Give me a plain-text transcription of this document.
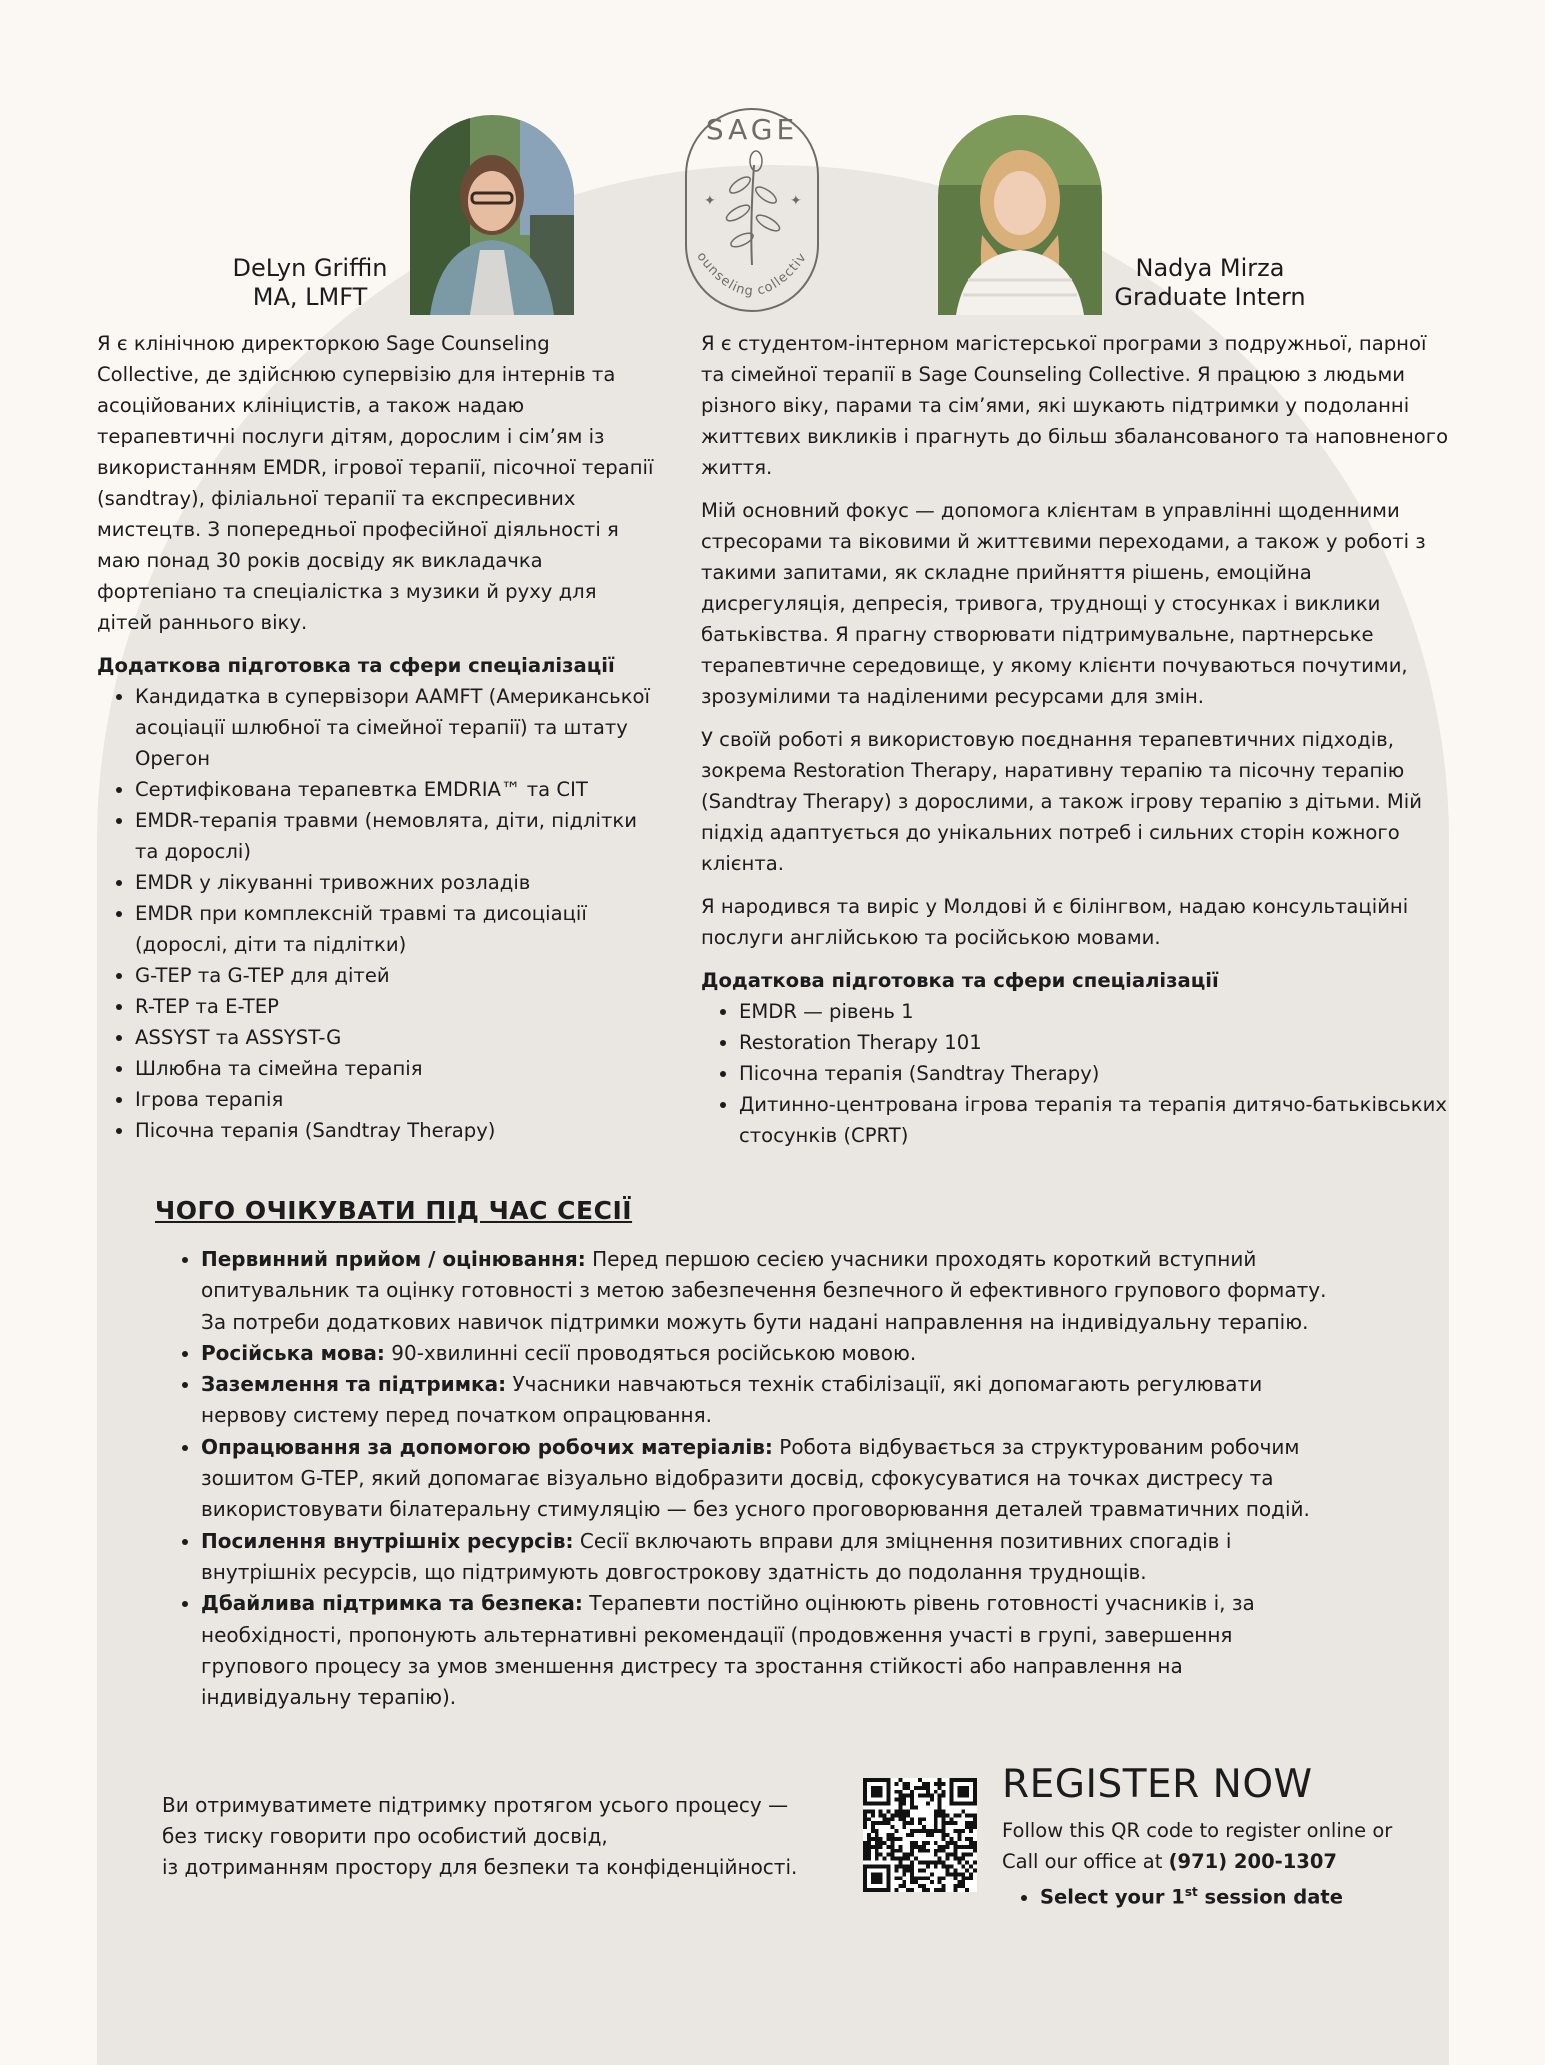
DeLyn Griffin
MA, LMFT
SAGE
✦	✦
ounseling collectiv	Nadya Mirza
Graduate Intern

Я є клінічною директоркою Sage Counseling Collective, де здійснюю супервізію для інтернів та асоційованих клініцистів, а також надаю терапевтичні послуги дітям, дорослим і сім’ям із використанням EMDR, ігрової терапії, пісочної терапії (sandtray), філіальної терапії та експресивних мистецтв. З попередньої професійної діяльності я маю понад 30 років досвіду як викладачка фортепіано та спеціалістка з музики й руху для дітей раннього віку.

Додаткова підготовка та сфери спеціалізації
• Кандидатка в супервізори AAMFT (Американської асоціації шлюбної та сімейної терапії) та штату Орегон
• Сертифікована терапевтка EMDRIA™ та CIT
• EMDR-терапія травми (немовлята, діти, підлітки та дорослі)
• EMDR у лікуванні тривожних розладів
• EMDR при комплексній травмі та дисоціації (дорослі, діти та підлітки)
• G-TEP та G-TEP для дітей
• R-TEP та E-TEP
• ASSYST та ASSYST-G
• Шлюбна та сімейна терапія
• Ігрова терапія
• Пісочна терапія (Sandtray Therapy)

Я є студентом-інтерном магістерської програми з подружньої, парної та сімейної терапії в Sage Counseling Collective. Я працюю з людьми різного віку, парами та сім’ями, які шукають підтримки у подоланні життєвих викликів і прагнуть до більш збалансованого та наповненого життя.

Мій основний фокус — допомога клієнтам в управлінні щоденними стресорами та віковими й життєвими переходами, а також у роботі з такими запитами, як складне прийняття рішень, емоційна дисрегуляція, депресія, тривога, труднощі у стосунках і виклики батьківства. Я прагну створювати підтримувальне, партнерське терапевтичне середовище, у якому клієнти почуваються почутими, зрозумілими та наділеними ресурсами для змін.

У своїй роботі я використовую поєднання терапевтичних підходів, зокрема Restoration Therapy, наративну терапію та пісочну терапію (Sandtray Therapy) з дорослими, а також ігрову терапію з дітьми. Мій підхід адаптується до унікальних потреб і сильних сторін кожного клієнта.

Я народився та виріс у Молдові й є білінгвом, надаю консультаційні послуги англійською та російською мовами.

Додаткова підготовка та сфери спеціалізації
• EMDR — рівень 1
• Restoration Therapy 101
• Пісочна терапія (Sandtray Therapy)
• Дитинно-центрована ігрова терапія та терапія дитячо-батьківських стосунків (CPRT)
ЧОГО ОЧІКУВАТИ ПІД ЧАС СЕСІЇ
• Первинний прийом / оцінювання: Перед першою сесією учасники проходять короткий вступний опитувальник та оцінку готовності з метою забезпечення безпечного й ефективного групового формату. За потреби додаткових навичок підтримки можуть бути надані направлення на індивідуальну терапію.
• Російська мова: 90-хвилинні сесії проводяться російською мовою.
• Заземлення та підтримка: Учасники навчаються технік стабілізації, які допомагають регулювати нервову систему перед початком опрацювання.
• Опрацювання за допомогою робочих матеріалів: Робота відбувається за структурованим робочим зошитом G-TEP, який допомагає візуально відобразити досвід, сфокусуватися на точках дистресу та використовувати білатеральну стимуляцію — без усного проговорювання деталей травматичних подій.
• Посилення внутрішніх ресурсів: Сесії включають вправи для зміцнення позитивних спогадів і внутрішніх ресурсів, що підтримують довгострокову здатність до подолання труднощів.
• Дбайлива підтримка та безпека: Терапевти постійно оцінюють рівень готовності учасників і, за необхідності, пропонують альтернативні рекомендації (продовження участі в групі, завершення групового процесу за умов зменшення дистресу та зростання стійкості або направлення на індивідуальну терапію).
Ви отримуватимете підтримку протягом усього процесу —
без тиску говорити про особистий досвід,
із дотриманням простору для безпеки та конфіденційності.
REGISTER NOW
Follow this QR code to register online or
Call our office at (971) 200-1307
• Select your 1st session date
